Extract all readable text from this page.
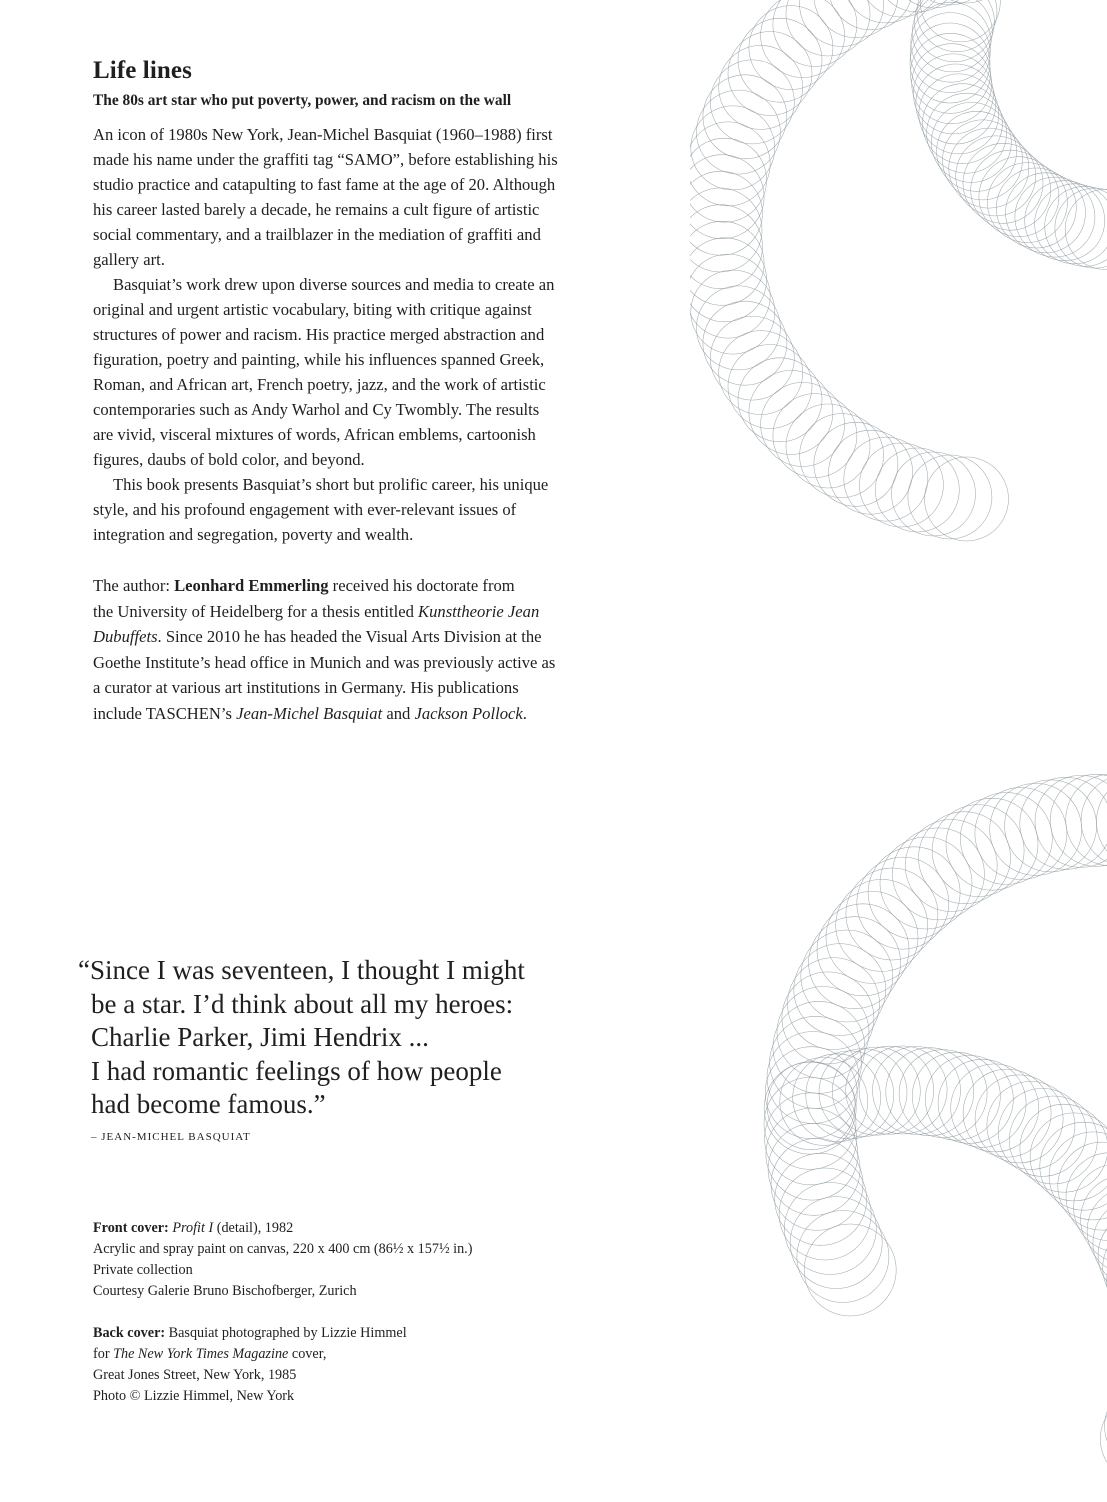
Life lines
The 80s art star who put poverty, power, and racism on the wall
An icon of 1980s New York, Jean-Michel Basquiat (1960–1988) first
made his name under the graffiti tag “SAMO”, before establishing his
studio practice and catapulting to fast fame at the age of 20. Although
his career lasted barely a decade, he remains a cult figure of artistic
social commentary, and a trailblazer in the mediation of graffiti and
gallery art.
Basquiat’s work drew upon diverse sources and media to create an
original and urgent artistic vocabulary, biting with critique against
structures of power and racism. His practice merged abstraction and
figuration, poetry and painting, while his influences spanned Greek,
Roman, and African art, French poetry, jazz, and the work of artistic
contemporaries such as Andy Warhol and Cy Twombly. The results
are vivid, visceral mixtures of words, African emblems, cartoonish
figures, daubs of bold color, and beyond.
This book presents Basquiat’s short but prolific career, his unique
style, and his profound engagement with ever-relevant issues of
integration and segregation, poverty and wealth.
The author: Leonhard Emmerling received his doctorate from
the University of Heidelberg for a thesis entitled Kunsttheorie Jean
Dubuffets. Since 2010 he has headed the Visual Arts Division at the
Goethe Institute’s head office in Munich and was previously active as
a curator at various art institutions in Germany. His publications
include TASCHEN’s Jean-Michel Basquiat and Jackson Pollock.
“Since I was seventeen, I thought I might
be a star. I’d think about all my heroes:
Charlie Parker, Jimi Hendrix ...
I had romantic feelings of how people
had become famous.”
– JEAN-MICHEL BASQUIAT
Front cover: Profit I (detail), 1982
Acrylic and spray paint on canvas, 220 x 400 cm (86½ x 157½ in.)
Private collection
Courtesy Galerie Bruno Bischofberger, Zurich
Back cover: Basquiat photographed by Lizzie Himmel
for The New York Times Magazine cover,
Great Jones Street, New York, 1985
Photo © Lizzie Himmel, New York
